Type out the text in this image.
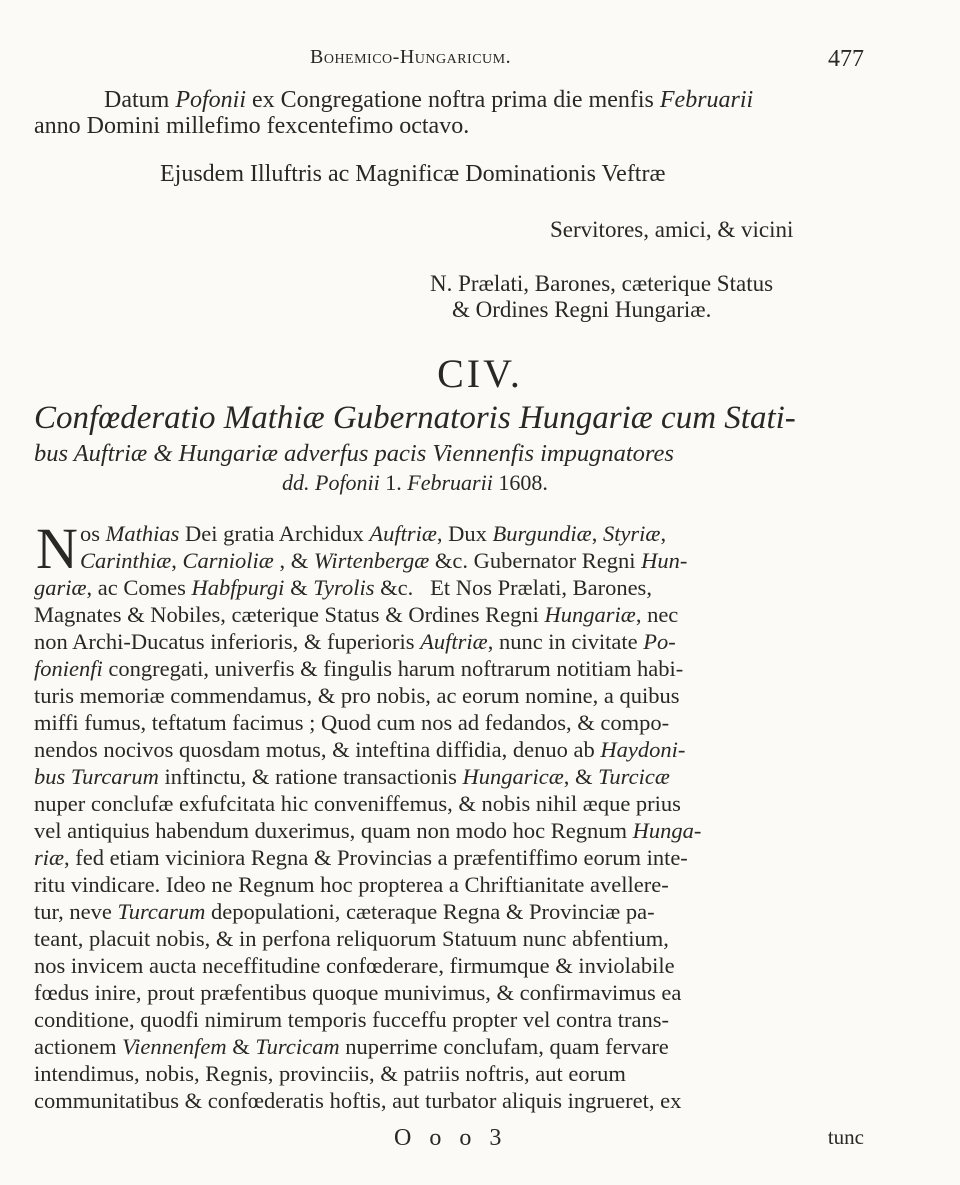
Bohemico-Hungaricum.	477
Datum Pofonii ex Congregatione noftra prima die menfis Februarii
anno Domini millefimo fexcentefimo octavo.
Ejusdem Illuftris ac Magnificæ Dominationis Veftræ
Servitores, amici, & vicini
N. Prælati, Barones, cæterique Status
& Ordines Regni Hungariæ.
CIV.
Confœderatio Mathiæ Gubernatoris Hungariæ cum Stati-
bus Auftriæ & Hungariæ adverfus pacis Viennenfis impugnatores
dd. Pofonii 1. Februarii 1608.
N os Mathias Dei gratia Archidux Auftriæ, Dux Burgundiæ, Styriæ,
Carinthiæ, Carnioliæ , & Wirtenbergæ &c. Gubernator Regni Hun-
gariæ, ac Comes Habfpurgi & Tyrolis &c.   Et Nos Prælati, Barones,
Magnates & Nobiles, cæterique Status & Ordines Regni Hungariæ, nec
non Archi-Ducatus inferioris, & fuperioris Auftriæ, nunc in civitate Po-
fonienfi congregati, univerfis & fingulis harum noftrarum notitiam habi-
turis memoriæ commendamus, & pro nobis, ac eorum nomine, a quibus
miffi fumus, teftatum facimus ; Quod cum nos ad fedandos, & compo-
nendos nocivos quosdam motus, & inteftina diffidia, denuo ab Haydoni-
bus Turcarum inftinctu, & ratione transactionis Hungaricæ, & Turcicæ
nuper conclufæ exfufcitata hic conveniffemus, & nobis nihil æque prius
vel antiquius habendum duxerimus, quam non modo hoc Regnum Hunga-
riæ, fed etiam viciniora Regna & Provincias a præfentiffimo eorum inte-
ritu vindicare. Ideo ne Regnum hoc propterea a Chriftianitate avellere-
tur, neve Turcarum depopulationi, cæteraque Regna & Provinciæ pa-
teant, placuit nobis, & in perfona reliquorum Statuum nunc abfentium,
nos invicem aucta neceffitudine confœderare, firmumque & inviolabile
fœdus inire, prout præfentibus quoque munivimus, & confirmavimus ea
conditione, quodfi nimirum temporis fucceffu propter vel contra trans-
actionem Viennenfem & Turcicam nuperrime conclufam, quam fervare
intendimus, nobis, Regnis, provinciis, & patriis noftris, aut eorum
communitatibus & confœderatis hoftis, aut turbator aliquis ingrueret, ex
O o o 3	tunc
